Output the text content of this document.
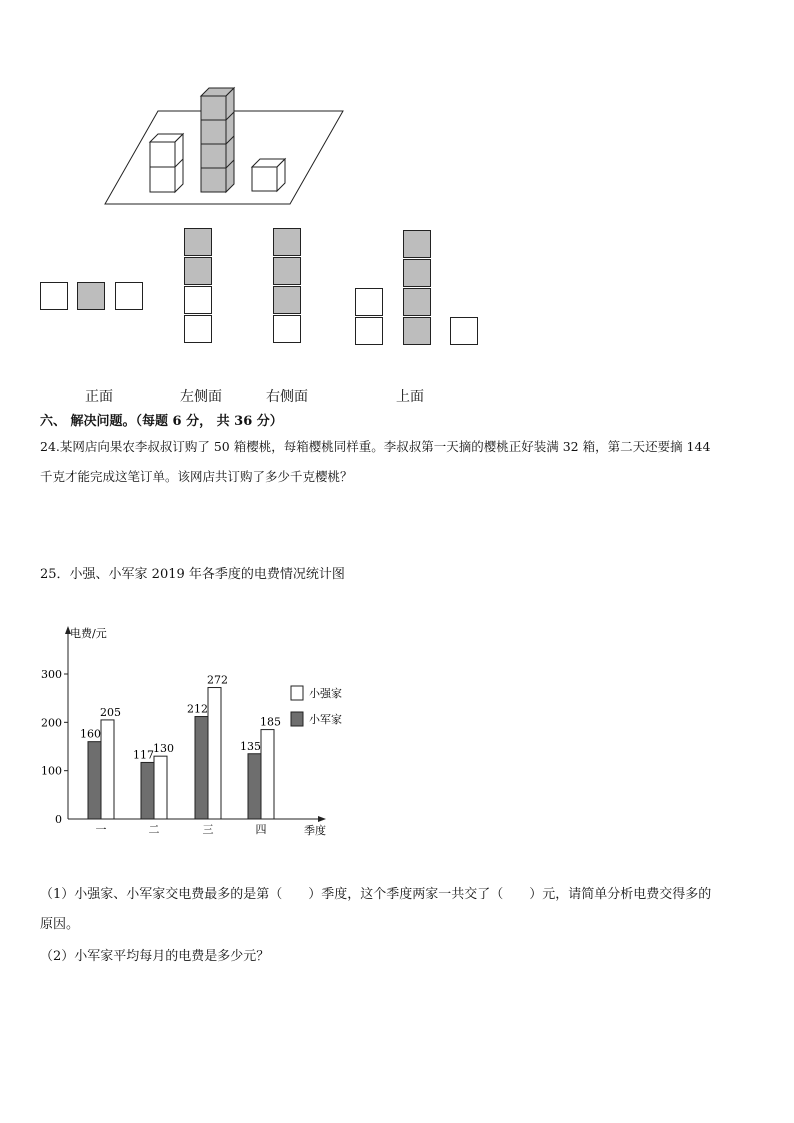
正面	左侧面	右侧面	上面
六、 解决问题。（每题 6 分， 共 36 分）
24.某网店向果农李叔叔订购了 50 箱樱桃，每箱樱桃同样重。李叔叔第一天摘的樱桃正好装满 32 箱，第二天还要摘 144
千克才能完成这笔订单。该网店共订购了多少千克樱桃？
25．小强、小军家 2019 年各季度的电费情况统计图
电费/元
季度
0
100
200
300
160
205
一
117 130
二
212
272
三
135
185
四
小强家
小军家
（1）小强家、小军家交电费最多的是第（　　）季度，这个季度两家一共交了（　　）元，请简单分析电费交得多的
原因。
（2）小军家平均每月的电费是多少元？
